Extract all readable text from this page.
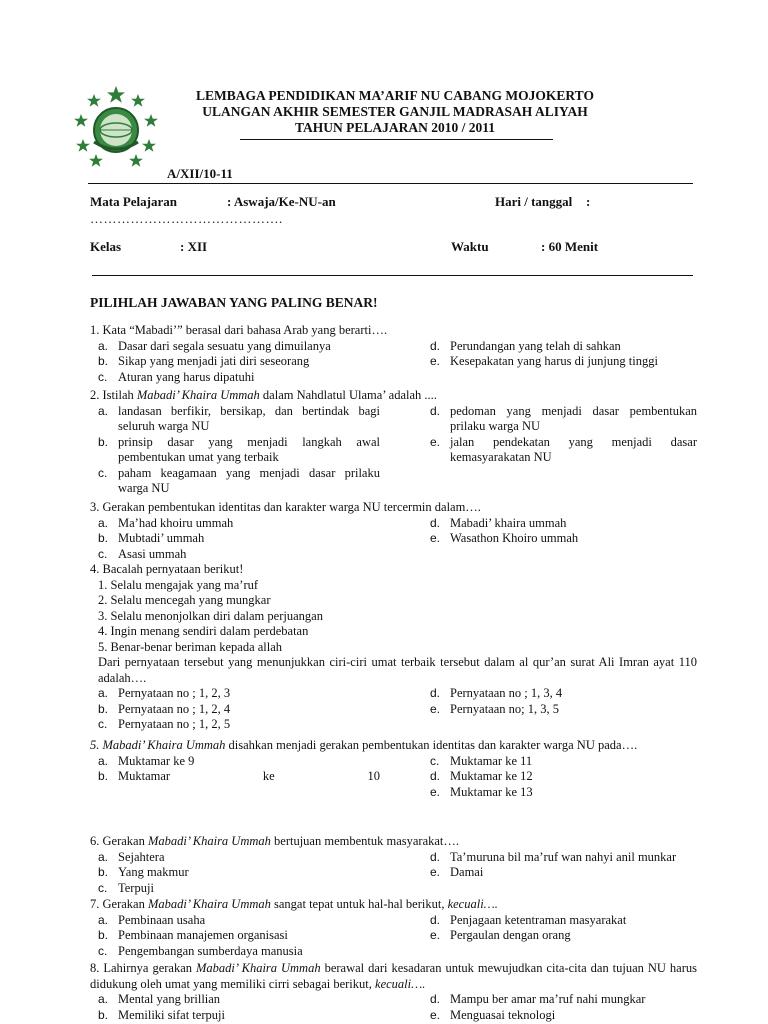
LEMBAGA PENDIDIKAN MA’ARIF NU CABANG MOJOKERTO
ULANGAN AKHIR SEMESTER GANJIL MADRASAH ALIYAH
TAHUN PELAJARAN 2010 / 2011
A/XII/10-11
Mata Pelajaran	: Aswaja/Ke-NU-an	Hari / tanggal :
…………………………………….
Kelas	: XII	Waktu	: 60 Menit
PILIHLAH JAWABAN YANG PALING BENAR!
1. Kata “Mabadi’” berasal dari bahasa Arab yang berarti….
a. Dasar dari segala sesuatu yang dimuilanya
b. Sikap yang menjadi jati diri seseorang
c. Aturan yang harus dipatuhi
d. Perundangan yang telah di sahkan
e. Kesepakatan yang harus di junjung tinggi
2. Istilah Mabadi’ Khaira Ummah dalam Nahdlatul Ulama’ adalah ....
a. landasan berfikir, bersikap, dan bertindak bagi seluruh warga NU
b. prinsip dasar yang menjadi langkah awal pembentukan umat yang terbaik
c. paham keagamaan yang menjadi dasar prilaku warga NU
d. pedoman yang menjadi dasar pembentukan prilaku warga NU
e. jalan pendekatan yang menjadi dasar kemasyarakatan NU
3. Gerakan pembentukan identitas dan karakter warga NU tercermin dalam….
a. Ma’had khoiru ummah
b. Mubtadi’ ummah
c. Asasi ummah
d. Mabadi’ khaira ummah
e. Wasathon Khoiro ummah
4. Bacalah pernyataan berikut!
1. Selalu mengajak yang ma’ruf
2. Selalu mencegah yang mungkar
3. Selalu menonjolkan diri dalam perjuangan
4. Ingin menang sendiri dalam perdebatan
5. Benar-benar beriman kepada allah
Dari pernyataan tersebut yang menunjukkan ciri-ciri umat terbaik tersebut dalam al qur’an surat Ali Imran ayat 110 adalah….
a. Pernyataan no ; 1, 2, 3
b. Pernyataan no ; 1, 2, 4
c. Pernyataan no ; 1, 2, 5
d. Pernyataan no ; 1, 3, 4
e. Pernyataan no; 1, 3, 5
5. Mabadi’ Khaira Ummah disahkan menjadi gerakan pembentukan identitas dan karakter warga NU pada….
a. Muktamar ke 9
b. Muktamar ke 10
c. Muktamar ke 11
d. Muktamar ke 12
e. Muktamar ke 13
6. Gerakan Mabadi’ Khaira Ummah bertujuan membentuk masyarakat….
a. Sejahtera
b. Yang makmur
c. Terpuji
d. Ta’muruna bil ma’ruf wan nahyi anil munkar
e. Damai
7. Gerakan Mabadi’ Khaira Ummah sangat tepat untuk hal-hal berikut, kecuali….
a. Pembinaan usaha
b. Pembinaan manajemen organisasi
c. Pengembangan sumberdaya manusia
d. Penjagaan ketentraman masyarakat
e. Pergaulan dengan orang
8. Lahirnya gerakan Mabadi’ Khaira Ummah berawal dari kesadaran untuk mewujudkan cita-cita dan tujuan NU harus didukung oleh umat yang memiliki cirri sebagai berikut, kecuali….
a. Mental yang brillian
b. Memiliki sifat terpuji
d. Mampu ber amar ma’ruf nahi mungkar
e. Menguasai teknologi
